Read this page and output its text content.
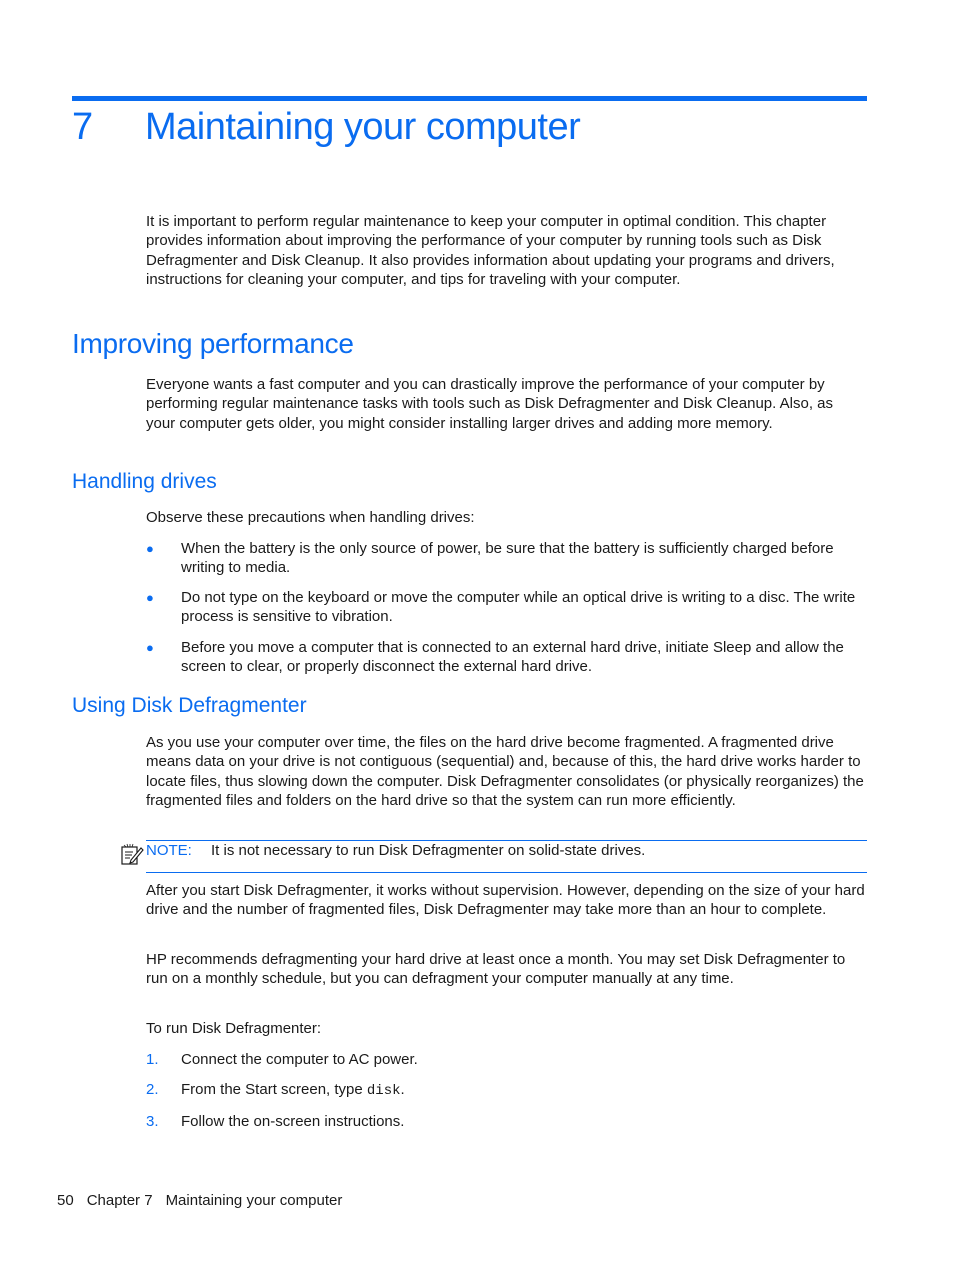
7 Maintaining your computer

It is important to perform regular maintenance to keep your computer in optimal condition. This chapter provides information about improving the performance of your computer by running tools such as Disk Defragmenter and Disk Cleanup. It also provides information about updating your programs and drivers, instructions for cleaning your computer, and tips for traveling with your computer.

Improving performance

Everyone wants a fast computer and you can drastically improve the performance of your computer by performing regular maintenance tasks with tools such as Disk Defragmenter and Disk Cleanup. Also, as your computer gets older, you might consider installing larger drives and adding more memory.

Handling drives

Observe these precautions when handling drives:

● When the battery is the only source of power, be sure that the battery is sufficiently charged before writing to media.
● Do not type on the keyboard or move the computer while an optical drive is writing to a disc. The write process is sensitive to vibration.
● Before you move a computer that is connected to an external hard drive, initiate Sleep and allow the screen to clear, or properly disconnect the external hard drive.
Using Disk Defragmenter

As you use your computer over time, the files on the hard drive become fragmented. A fragmented drive means data on your drive is not contiguous (sequential) and, because of this, the hard drive works harder to locate files, thus slowing down the computer. Disk Defragmenter consolidates (or physically reorganizes) the fragmented files and folders on the hard drive so that the system can run more efficiently.

NOTE: It is not necessary to run Disk Defragmenter on solid-state drives.

After you start Disk Defragmenter, it works without supervision. However, depending on the size of your hard drive and the number of fragmented files, Disk Defragmenter may take more than an hour to complete.

HP recommends defragmenting your hard drive at least once a month. You may set Disk Defragmenter to run on a monthly schedule, but you can defragment your computer manually at any time.

To run Disk Defragmenter:

1. Connect the computer to AC power.
2. From the Start screen, type disk.
3. Follow the on-screen instructions.
50 Chapter 7 Maintaining your computer
